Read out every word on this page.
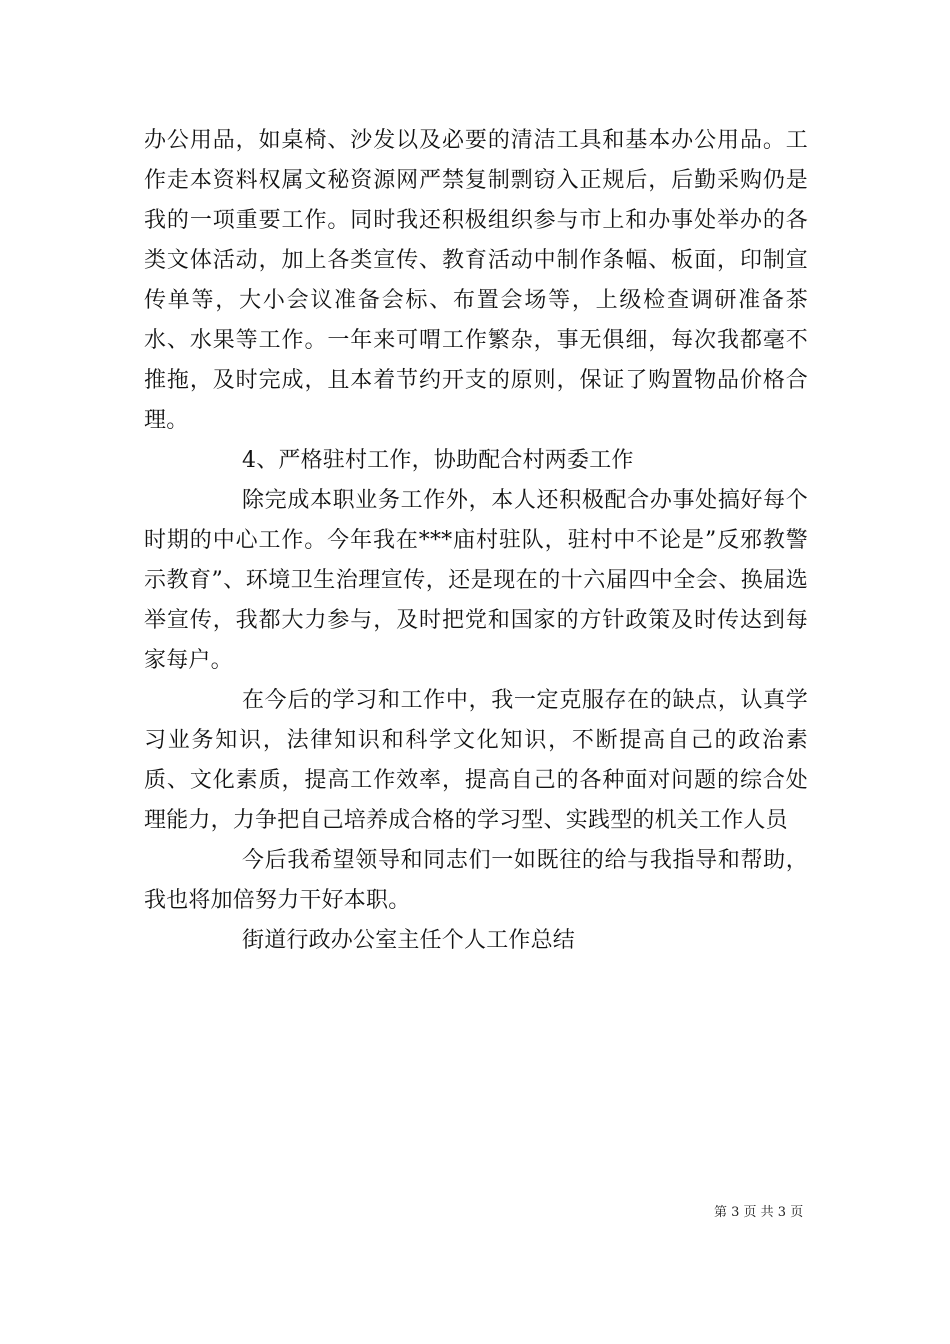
办公用品，如桌椅、沙发以及必要的清洁工具和基本办公用品。工作走本资料权属文秘资源网严禁复制剽窃入正规后，后勤采购仍是我的一项重要工作。同时我还积极组织参与市上和办事处举办的各类文体活动，加上各类宣传、教育活动中制作条幅、板面，印制宣传单等，大小会议准备会标、布置会场等，上级检查调研准备茶水、水果等工作。一年来可喟工作繁杂，事无俱细，每次我都毫不推拖，及时完成，且本着节约开支的原则，保证了购置物品价格合理。

4、严格驻村工作，协助配合村两委工作

除完成本职业务工作外，本人还积极配合办事处搞好每个时期的中心工作。今年我在***庙村驻队，驻村中不论是”反邪教警示教育”、环境卫生治理宣传，还是现在的十六届四中全会、换届选举宣传，我都大力参与，及时把党和国家的方针政策及时传达到每家每户。

在今后的学习和工作中，我一定克服存在的缺点，认真学习业务知识，法律知识和科学文化知识，不断提高自己的政治素质、文化素质，提高工作效率，提高自己的各种面对问题的综合处理能力，力争把自己培养成合格的学习型、实践型的机关工作人员

今后我希望领导和同志们一如既往的给与我指导和帮助，我也将加倍努力干好本职。

街道行政办公室主任个人工作总结

第 3 页 共 3 页
